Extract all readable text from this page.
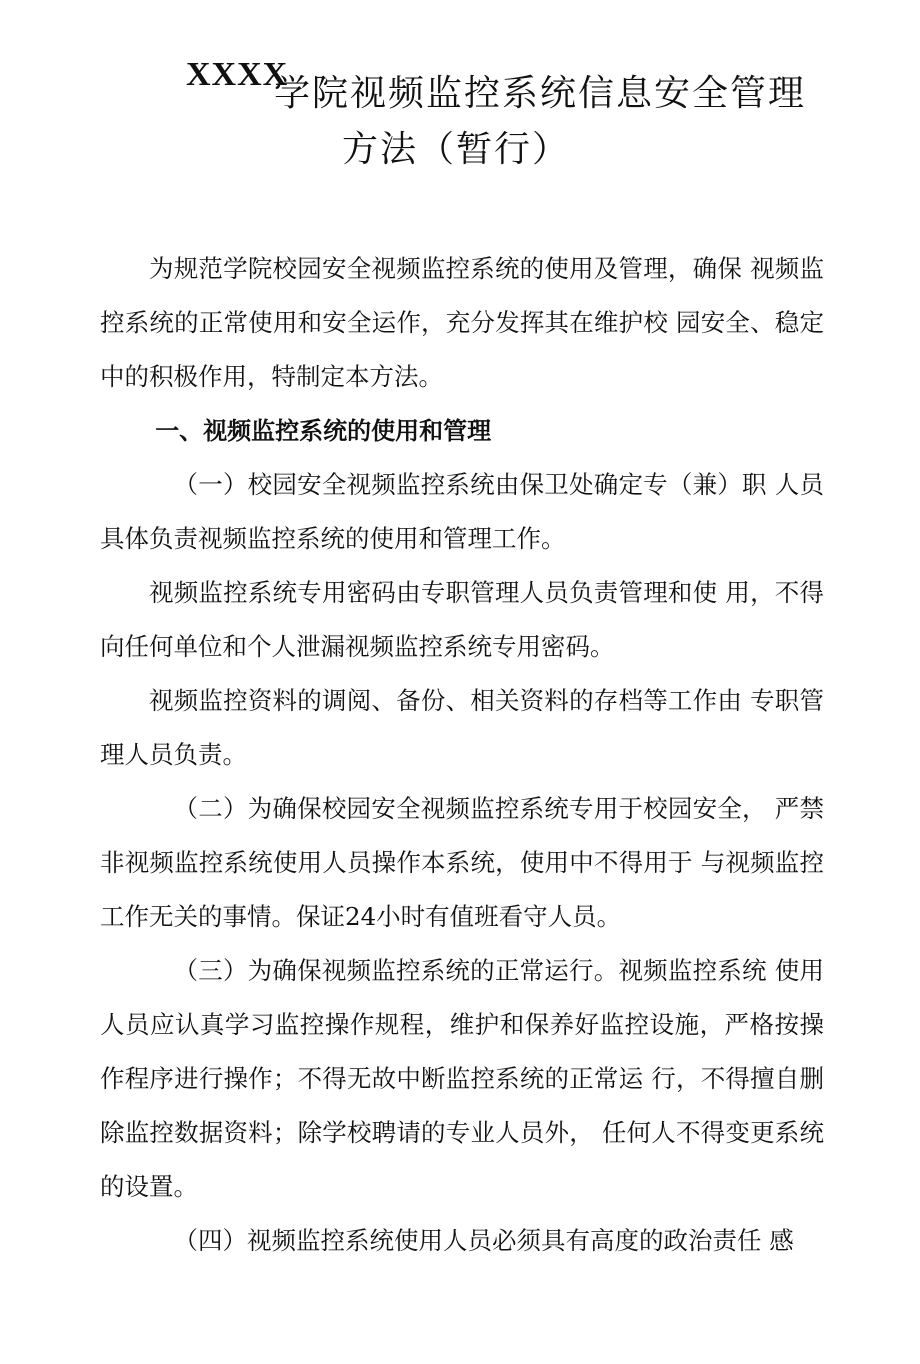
XXXX
学院视频监控系统信息安全管理
方法（暂行）

为规范学院校园安全视频监控系统的使用及管理，确保 视频监控系统的正常使用和安全运作，充分发挥其在维护校 园安全、稳定中的积极作用，特制定本方法。

一、视频监控系统的使用和管理

（一）校园安全视频监控系统由保卫处确定专（兼）职 人员具体负责视频监控系统的使用和管理工作。

视频监控系统专用密码由专职管理人员负责管理和使 用，不得向任何单位和个人泄漏视频监控系统专用密码。

视频监控资料的调阅、备份、相关资料的存档等工作由 专职管理人员负责。

（二）为确保校园安全视频监控系统专用于校园安全， 严禁非视频监控系统使用人员操作本系统，使用中不得用于 与视频监控工作无关的事情。保证24小时有值班看守人员。

（三）为确保视频监控系统的正常运行。视频监控系统 使用人员应认真学习监控操作规程，维护和保养好监控设施，严格按操作程序进行操作；不得无故中断监控系统的正常运 行，不得擅自删除监控数据资料；除学校聘请的专业人员外， 任何人不得变更系统的设置。

（四）视频监控系统使用人员必须具有高度的政治责任 感
